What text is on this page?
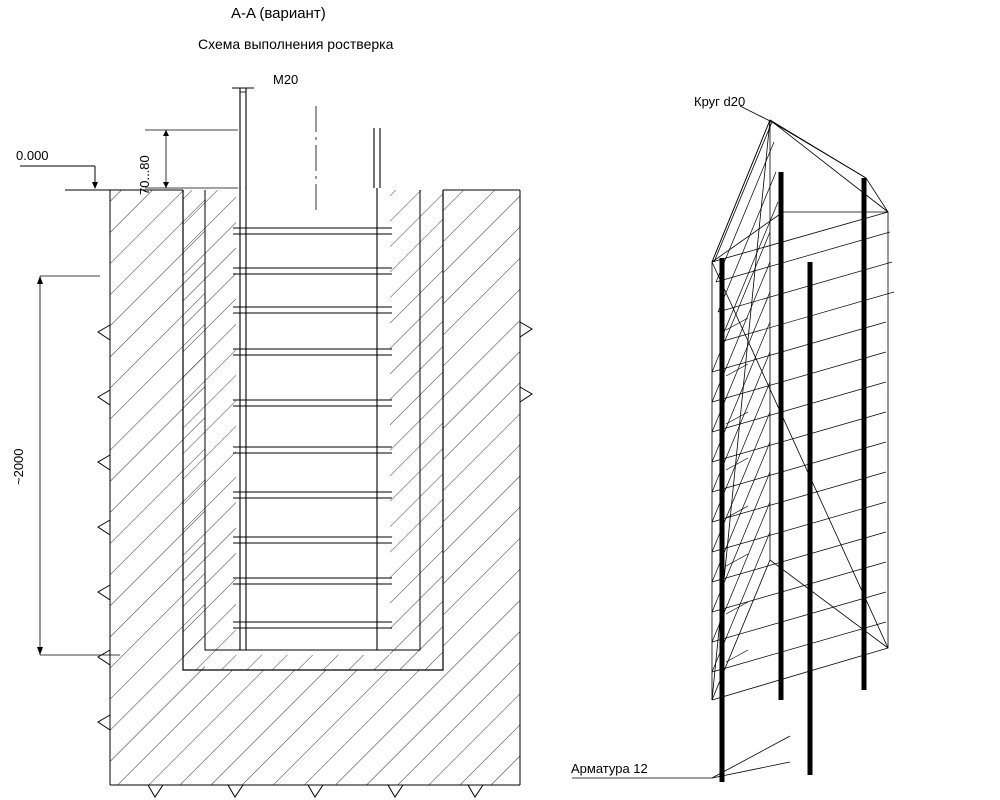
A-A (вариант)
Схема выполнения ростверка
M20
70...80
0.000
~2000
Круг d20
Арматура 12
